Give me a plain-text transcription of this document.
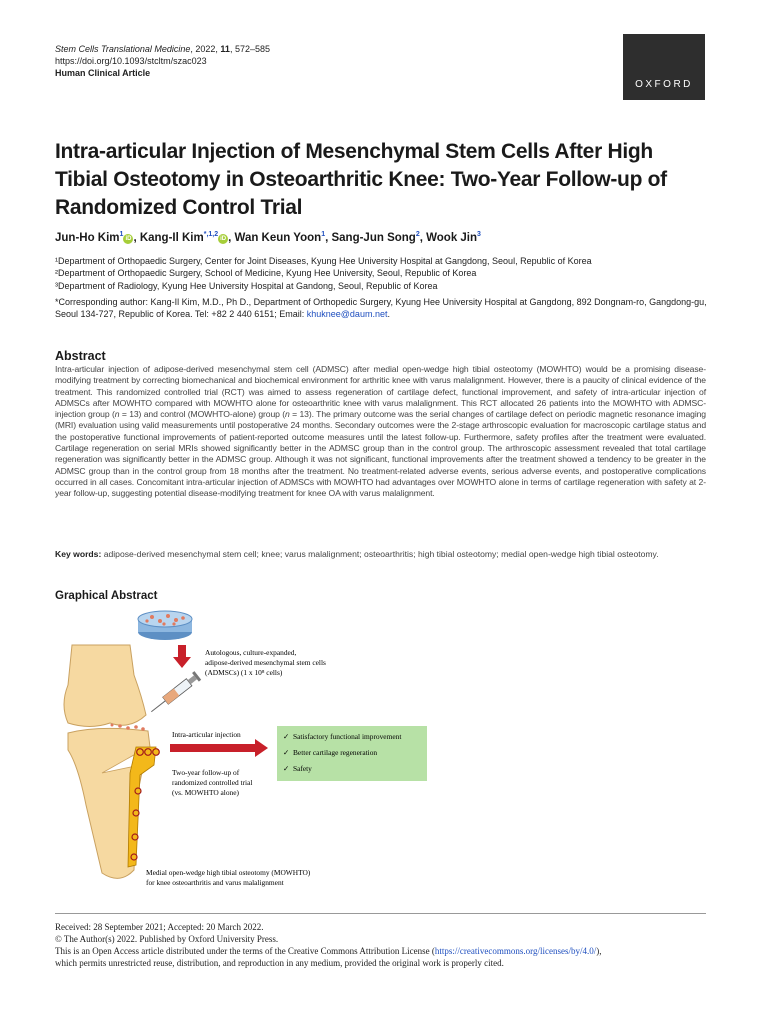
Stem Cells Translational Medicine, 2022, 11, 572–585
https://doi.org/10.1093/stcltm/szac023
Human Clinical Article
OXFORD
Intra-articular Injection of Mesenchymal Stem Cells After High Tibial Osteotomy in Osteoarthritic Knee: Two-Year Follow-up of Randomized Control Trial
Jun-Ho Kim$^1$iD , Kang-Il Kim$^{*,1,2}$iD , Wan Keun Yoon$^1$, Sang-Jun Song$^2$, Wook Jin$^3$

¹Department of Orthopaedic Surgery, Center for Joint Diseases, Kyung Hee University Hospital at Gangdong, Seoul, Republic of Korea

²Department of Orthopaedic Surgery, School of Medicine, Kyung Hee University, Seoul, Republic of Korea

³Department of Radiology, Kyung Hee University Hospital at Gandong, Seoul, Republic of Korea

*Corresponding author: Kang-Il Kim, M.D., Ph D., Department of Orthopedic Surgery, Kyung Hee University Hospital at Gangdong, 892 Dongnam-ro, Gangdong-gu, Seoul 134-727, Republic of Korea. Tel: +82 2 440 6151; Email: khuknee@daum.net.

Abstract
Intra-articular injection of adipose-derived mesenchymal stem cell (ADMSC) after medial open-wedge high tibial osteotomy (MOWHTO) would be a promising disease-modifying treatment by correcting biomechanical and biochemical environment for arthritic knee with varus malalignment. However, there is a paucity of clinical evidence of the treatment. This randomized controlled trial (RCT) was aimed to assess regeneration of cartilage defect, functional improvement, and safety of intra-articular injection of ADMSCs after MOWHTO compared with MOWHTO alone for osteoarthritic knee with varus malalignment. This RCT allocated 26 patients into the MOWHTO with ADMSC-injection group (n = 13) and control (MOWHTO-alone) group (n = 13). The primary outcome was the serial changes of cartilage defect on periodic magnetic resonance imaging (MRI) evaluation using valid measurements until postoperative 24 months. Secondary outcomes were the 2-stage arthroscopic evaluation for macroscopic cartilage status and the postoperative functional improvements of patient-reported outcome measures until the latest follow-up. Furthermore, safety profiles after the treatment were evaluated. Cartilage regeneration on serial MRIs showed significantly better in the ADMSC group than in the control group. The arthroscopic assessment revealed that total cartilage regeneration was significantly better in the ADMSC group. Although it was not significant, functional improvements after the treatment showed a tendency to be greater in the ADMSC group than in the control group from 18 months after the treatment. No treatment-related adverse events, serious adverse events, and postoperative complications occurred in all cases. Concomitant intra-articular injection of ADMSCs with MOWHTO had advantages over MOWHTO alone in terms of cartilage regeneration with safety at 2-year follow-up, suggesting potential disease-modifying treatment for knee OA with varus malalignment.
Key words: adipose-derived mesenchymal stem cell; knee; varus malalignment; osteoarthritis; high tibial osteotomy; medial open-wedge high tibial osteotomy.
Graphical Abstract
Autologous, culture-expanded, adipose-derived mesenchymal stem cells (ADMSCs) (1 x 10⁸ cells)
Intra-articular injection
Two-year follow-up of randomized controlled trial (vs. MOWHTO alone)
✓ Satisfactory functional improvement
✓ Better cartilage regeneration
✓ Safety
Medial open-wedge high tibial osteotomy (MOWHTO) for knee osteoarthritis and varus malalignment

Received: 28 September 2021; Accepted: 20 March 2022.

© The Author(s) 2022. Published by Oxford University Press.

This is an Open Access article distributed under the terms of the Creative Commons Attribution License (https://creativecommons.org/licenses/by/4.0/),

which permits unrestricted reuse, distribution, and reproduction in any medium, provided the original work is properly cited.
